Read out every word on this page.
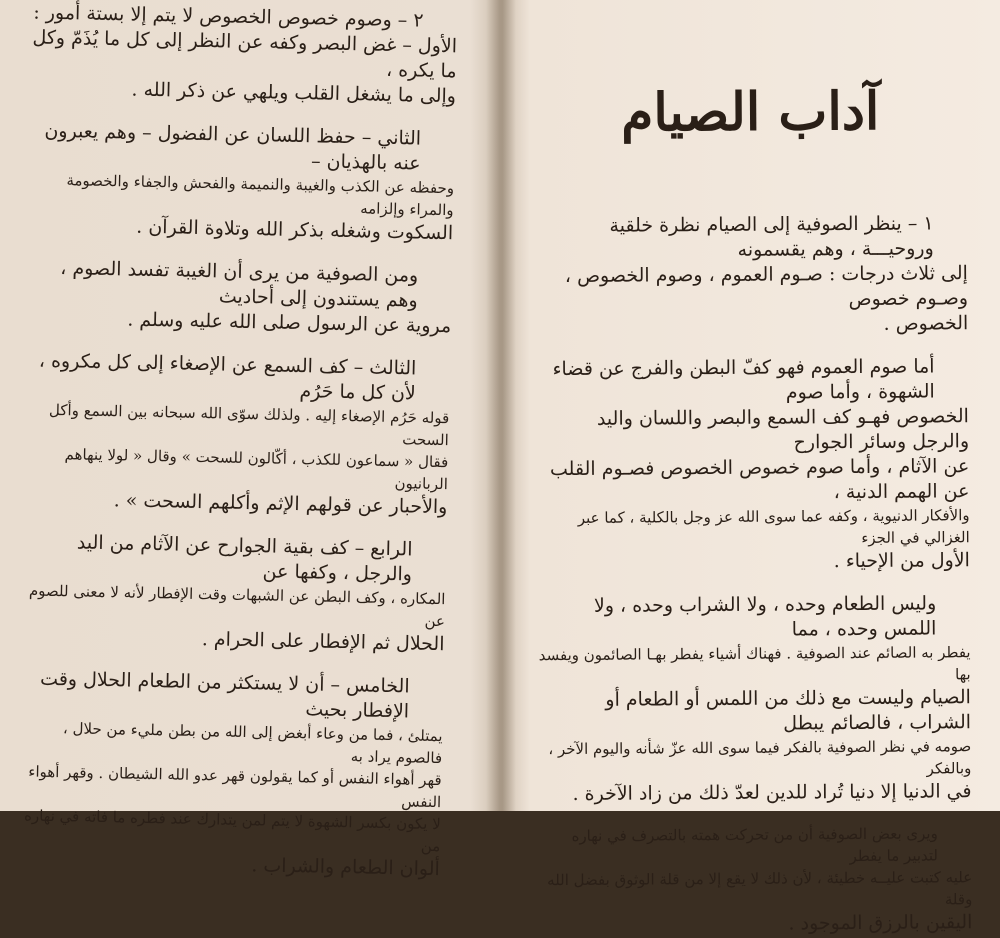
٢ – وصوم خصوص الخصوص لا يتم إلا بستة أمور :

الأول – غض البصر وكفه عن النظر إلى كل ما يُذَمّ وكل ما يكره ،

وإلى ما يشغل القلب ويلهي عن ذكر الله .

الثاني – حفظ اللسان عن الفضول – وهم يعبرون عنه بالهذيان –

وحفظه عن الكذب والغيبة والنميمة والفحش والجفاء والخصومة والمراء وإلزامه

السكوت وشغله بذكر الله وتلاوة القرآن .

ومن الصوفية من يرى أن الغيبة تفسد الصوم ، وهم يستندون إلى أحاديث

مروية عن الرسول صلى الله عليه وسلم .

الثالث – كف السمع عن الإصغاء إلى كل مكروه ، لأن كل ما حَرُم

قوله حَرُم الإصغاء إليه . ولذلك سوّى الله سبحانه بين السمع وأكل السحت

فقال « سماعون للكذب ، أكّالون للسحت » وقال « لولا ينهاهم الربانيون

والأحبار عن قولهم الإثم وأكلهم السحت » .

الرابع – كف بقية الجوارح عن الآثام من اليد والرجل ، وكفها عن

المكاره ، وكف البطن عن الشبهات وقت الإفطار لأنه لا معنى للصوم عن

الحلال ثم الإفطار على الحرام .

الخامس – أن لا يستكثر من الطعام الحلال وقت الإفطار بحيث

يمتلئ ، فما من وعاء أبغض إلى الله من بطن مليء من حلال ، فالصوم يراد به

قهر أهواء النفس أو كما يقولون قهر عدو الله الشيطان . وقهر أهواء النفس

لا يكون بكسر الشهوة لا يتم لمن يتدارك عند فطره ما فاته في نهاره من

ألوان الطعام والشراب .

آداب الصيام

١ – ينظر الصوفية إلى الصيام نظرة خلقية وروحيـــة ، وهم يقسمونه

إلى ثلاث درجات : صـوم العموم ، وصوم الخصوص ، وصـوم خصوص

الخصوص .

أما صوم العموم فهو كفّ البطن والفرج عن قضاء الشهوة ، وأما صوم

الخصوص فهـو كف السمع والبصر واللسان واليد والرجل وسائر الجوارح

عن الآثام ، وأما صوم خصوص الخصوص فصـوم القلب عن الهمم الدنية ،

والأفكار الدنيوية ، وكفه عما سوى الله عز وجل بالكلية ، كما عبر الغزالي في الجزء

الأول من الإحياء .

وليس الطعام وحده ، ولا الشراب وحده ، ولا اللمس وحده ، مما

يفطر به الصائم عند الصوفية . فهناك أشياء يفطر بهـا الصائمون ويفسد بها

الصيام وليست مع ذلك من اللمس أو الطعام أو الشراب ، فالصائم يبطل

صومه في نظر الصوفية بالفكر فيما سوى الله عزّ شأنه واليوم الآخر ، وبالفكر

في الدنيا إلا دنيا تُراد للدين لعدّ ذلك من زاد الآخرة .

ويرى بعض الصوفية أن من تحركت همته بالتصرف في نهاره لتدبير ما يفطر

عليه كتبت عليــه خطيئة ، لأن ذلك لا يقع إلا من قلة الوثوق بفضل الله وقلة

اليقين بالرزق الموجود .
